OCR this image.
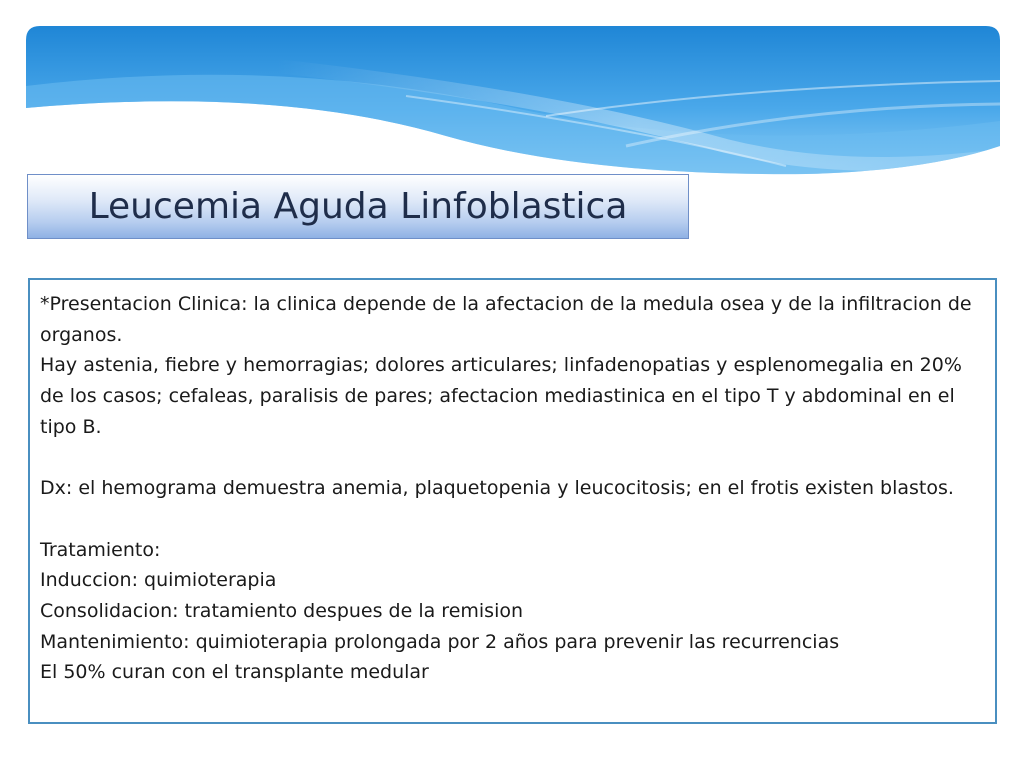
Leucemia Aguda Linfoblastica

*Presentacion Clinica: la clinica depende de la afectacion de la medula osea y de la infiltracion de organos.

Hay astenia, fiebre y hemorragias; dolores articulares; linfadenopatias y esplenomegalia en 20% de los casos; cefaleas, paralisis de pares; afectacion mediastinica en el tipo T y abdominal en el tipo B.

Dx: el hemograma demuestra anemia, plaquetopenia y leucocitosis; en el frotis existen blastos.

Tratamiento:

Induccion: quimioterapia

Consolidacion: tratamiento despues de la remision

Mantenimiento: quimioterapia prolongada por 2 años para prevenir las recurrencias

El 50% curan con el transplante medular
